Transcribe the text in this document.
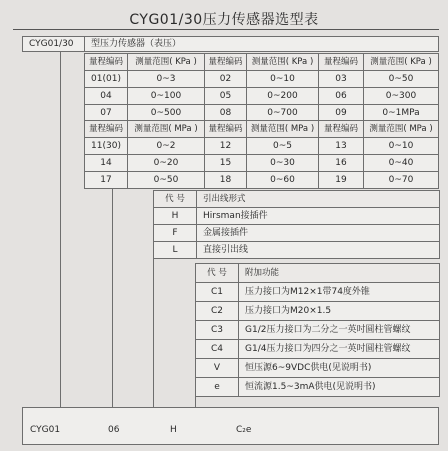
CYG01/30压力传感器选型表
CYG01/30	型压力传感器（表压）
量程编码	测量范围( KPa )	量程编码	测量范围( KPa )	量程编码	测量范围( KPa )
01(01)	0~3	02	0~10	03	0~50
04	0~100	05	0~200	06	0~300
07	0~500	08	0~700	09	0~1MPa
量程编码	测量范围( MPa )	量程编码 测量范围( MPa )	量程编码	测量范围( MPa )
11(30)	0~2	12	0~5	13	0~10
14	0~20	15	0~30	16	0~40
17	0~50	18	0~60	19	0~70
代 号	引出线形式
H	Hirsman接插件
F	金属接插件
L	直接引出线
代 号	附加功能
C1	压力接口为M12×1带74度外锥
C2	压力接口为M20×1.5
C3	G1/2压力接口为二分之一英吋圆柱管螺纹
C4	G1/4压力接口为四分之一英吋圆柱管螺纹
V	恒压源6~9VDC供电(见说明书)
e	恒流源1.5~3mA供电(见说明书)
CYG01	06	H	C₂e
